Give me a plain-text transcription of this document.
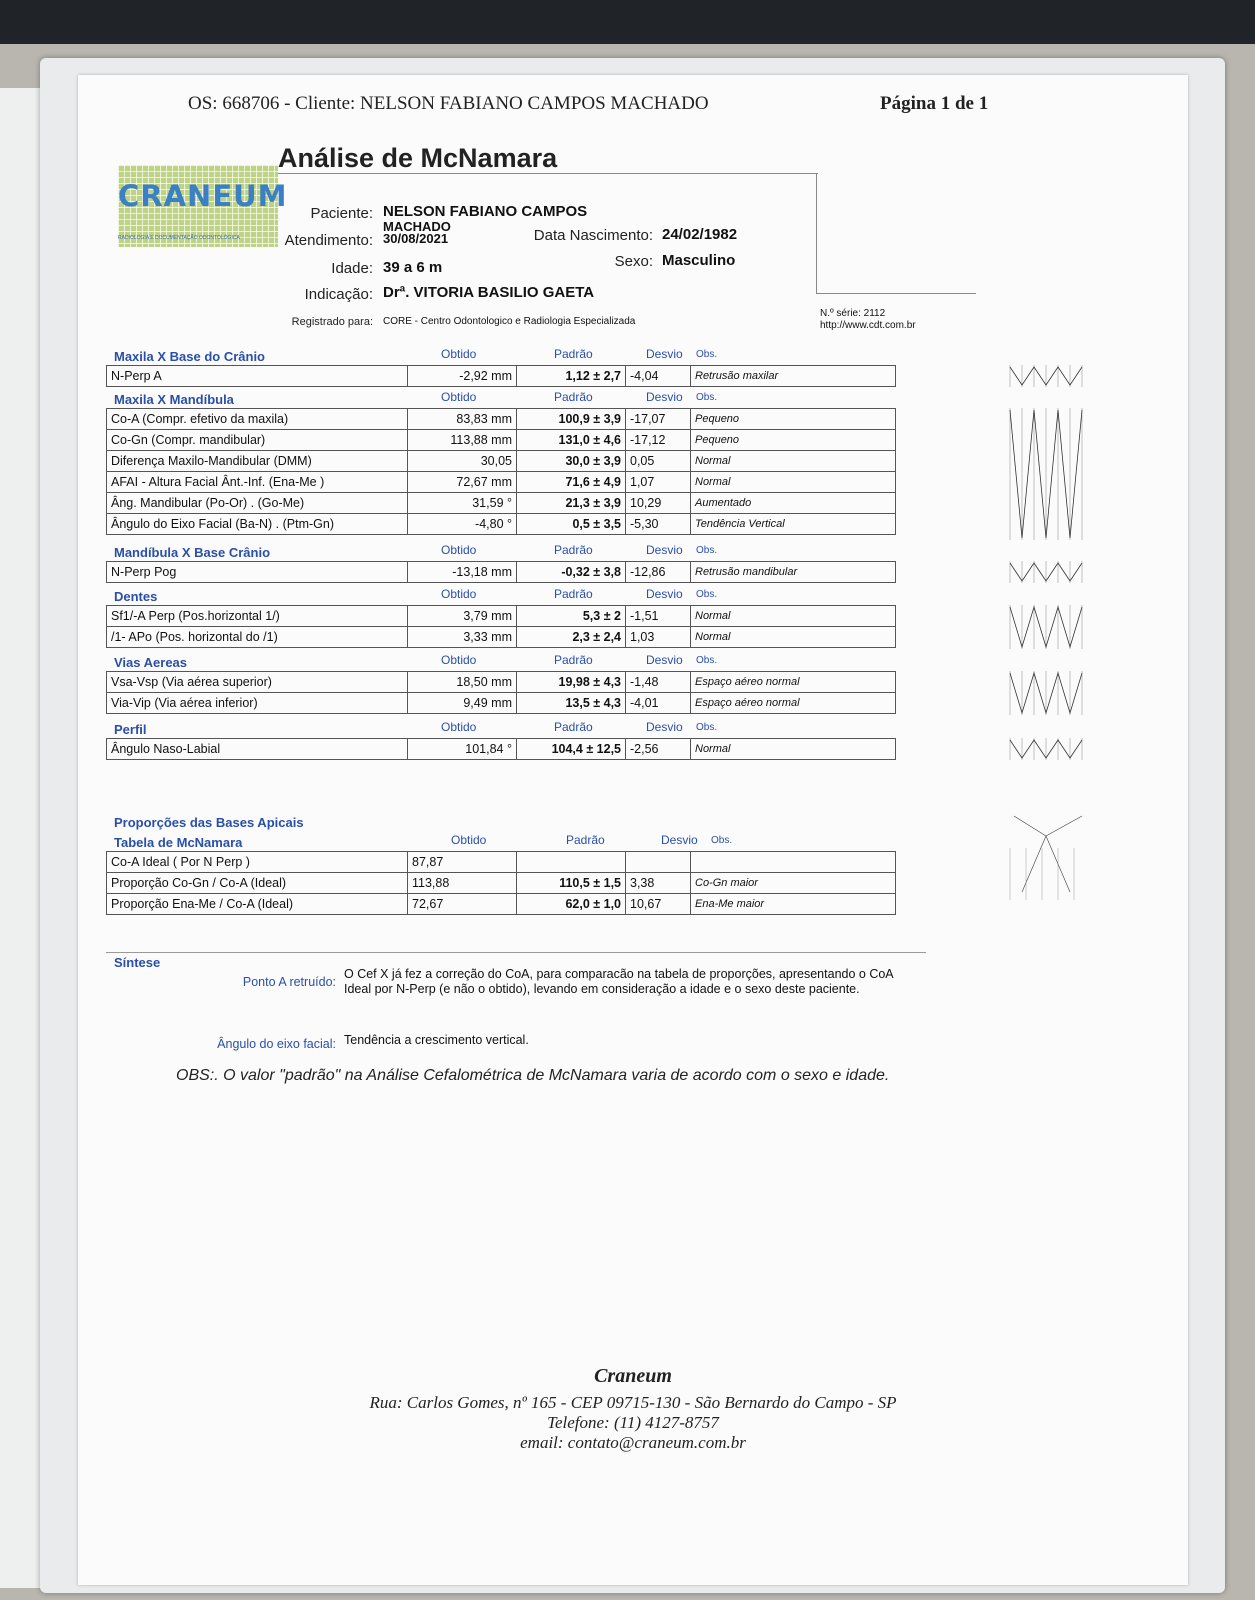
OS: 668706 - Cliente: NELSON FABIANO CAMPOS MACHADO	Página 1 de 1
CRANEUM
RADIOLOGIA E DOCUMENTAÇÃO ODONTOLÓGICA
Análise de McNamara
Paciente: NELSON FABIANO CAMPOS
MACHADO
Atendimento: 30/08/2021	Data Nascimento: 24/02/1982
Idade: 39 a 6 m	Sexo: Masculino
Indicação: Drª. VITORIA BASILIO GAETA
Registrado para: CORE - Centro Odontologico e Radiologia Especializada
N.º série: 2112
http://www.cdt.com.br
Maxila X Base do Crânio	Obtido	Padrão	Desvio Obs.
N-Perp A	-2,92 mm	1,12 ± 2,7	-4,04	Retrusão maxilar
Maxila X Mandíbula	Obtido	Padrão	Desvio Obs.
Co-A (Compr. efetivo da maxila)	83,83 mm	100,9 ± 3,9	-17,07	Pequeno
Co-Gn (Compr. mandibular)	113,88 mm	131,0 ± 4,6	-17,12	Pequeno
Diferença Maxilo-Mandibular (DMM)	30,05	30,0 ± 3,9	0,05	Normal
AFAI - Altura Facial Ânt.-Inf. (Ena-Me )	72,67 mm	71,6 ± 4,9	1,07	Normal
Âng. Mandibular (Po-Or) . (Go-Me)	31,59 °	21,3 ± 3,9	10,29	Aumentado
Ângulo do Eixo Facial (Ba-N) . (Ptm-Gn)	-4,80 °	0,5 ± 3,5	-5,30	Tendência Vertical
Mandíbula X Base Crânio	Obtido	Padrão	Desvio Obs.
N-Perp Pog	-13,18 mm	-0,32 ± 3,8	-12,86	Retrusão mandibular
Dentes	Obtido	Padrão	Desvio Obs.
Sf1/-A Perp (Pos.horizontal 1/)	3,79 mm	5,3 ± 2	-1,51	Normal
/1- APo (Pos. horizontal do /1)	3,33 mm	2,3 ± 2,4	1,03	Normal
Vias Aereas	Obtido	Padrão	Desvio Obs.
Vsa-Vsp (Via aérea superior)	18,50 mm	19,98 ± 4,3	-1,48	Espaço aéreo normal
Via-Vip (Via aérea inferior)	9,49 mm	13,5 ± 4,3	-4,01	Espaço aéreo normal
Perfil	Obtido	Padrão	Desvio Obs.
Ângulo Naso-Labial	101,84 °	104,4 ± 12,5	-2,56	Normal
Proporções das Bases Apicais
Tabela de McNamara	Obtido	Padrão	Desvio Obs.
Co-A Ideal ( Por N Perp )	87,87			
Proporção Co-Gn / Co-A (Ideal)	113,88	110,5 ± 1,5	3,38	Co-Gn maior
Proporção Ena-Me / Co-A (Ideal)	72,67	62,0 ± 1,0	10,67	Ena-Me maior
Síntese
Ponto A retruído:
O Cef X já fez a correção do CoA, para comparacão na tabela de proporções, apresentando o CoA Ideal por N-Perp (e não o obtido), levando em consideração a idade e o sexo deste paciente.
Ângulo do eixo facial: Tendência a crescimento vertical.
OBS:. O valor "padrão" na Análise Cefalométrica de McNamara varia de acordo com o sexo e idade.
Craneum
Rua: Carlos Gomes, nº 165 - CEP 09715-130 - São Bernardo do Campo - SP
Telefone: (11) 4127-8757
email: contato@craneum.com.br
